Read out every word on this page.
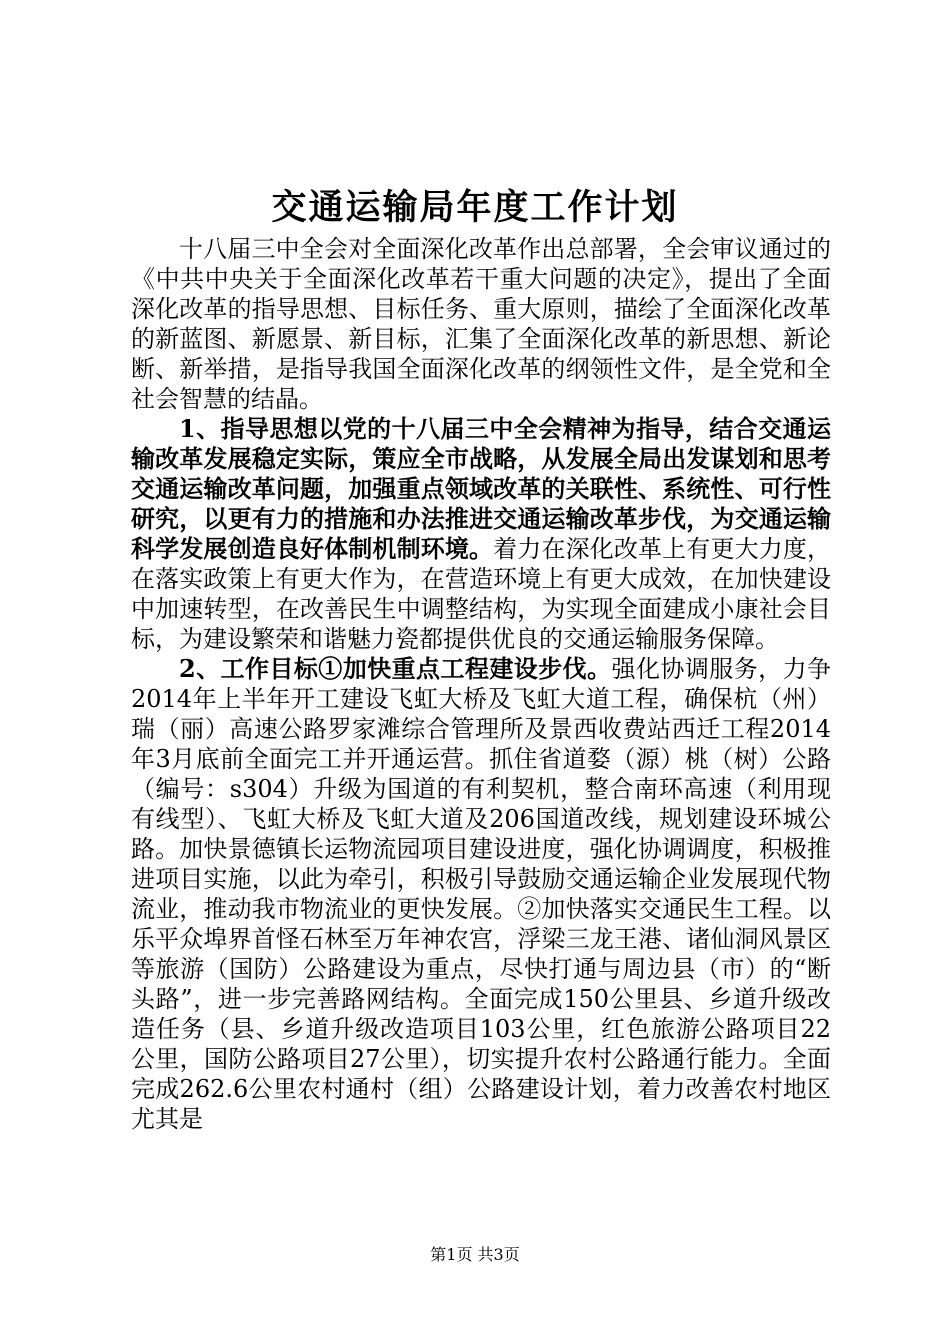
交通运输局年度工作计划

十八届三中全会对全面深化改革作出总部署，全会审议通过的《中共中央关于全面深化改革若干重大问题的决定》，提出了全面深化改革的指导思想、目标任务、重大原则，描绘了全面深化改革的新蓝图、新愿景、新目标，汇集了全面深化改革的新思想、新论断、新举措，是指导我国全面深化改革的纲领性文件，是全党和全社会智慧的结晶。

1、指导思想以党的十八届三中全会精神为指导，结合交通运输改革发展稳定实际，策应全市战略，从发展全局出发谋划和思考交通运输改革问题，加强重点领域改革的关联性、系统性、可行性研究，以更有力的措施和办法推进交通运输改革步伐，为交通运输科学发展创造良好体制机制环境。着力在深化改革上有更大力度，在落实政策上有更大作为，在营造环境上有更大成效，在加快建设中加速转型，在改善民生中调整结构，为实现全面建成小康社会目标，为建设繁荣和谐魅力瓷都提供优良的交通运输服务保障。

2、工作目标①加快重点工程建设步伐。强化协调服务，力争2014年上半年开工建设飞虹大桥及飞虹大道工程，确保杭（州）瑞（丽）高速公路罗家滩综合管理所及景西收费站西迁工程2014年3月底前全面完工并开通运营。抓住省道婺（源）桃（树）公路（编号：s304）升级为国道的有利契机，整合南环高速（利用现有线型）、飞虹大桥及飞虹大道及206国道改线，规划建设环城公路。加快景德镇长运物流园项目建设进度，强化协调调度，积极推进项目实施，以此为牵引，积极引导鼓励交通运输企业发展现代物流业，推动我市物流业的更快发展。②加快落实交通民生工程。以乐平众埠界首怪石林至万年神农宫，浮梁三龙王港、诸仙洞风景区等旅游（国防）公路建设为重点，尽快打通与周边县（市）的“断头路”，进一步完善路网结构。全面完成150公里县、乡道升级改造任务（县、乡道升级改造项目103公里，红色旅游公路项目22公里，国防公路项目27公里），切实提升农村公路通行能力。全面完成262.6公里农村通村（组）公路建设计划，着力改善农村地区尤其是

第1页 共3页
